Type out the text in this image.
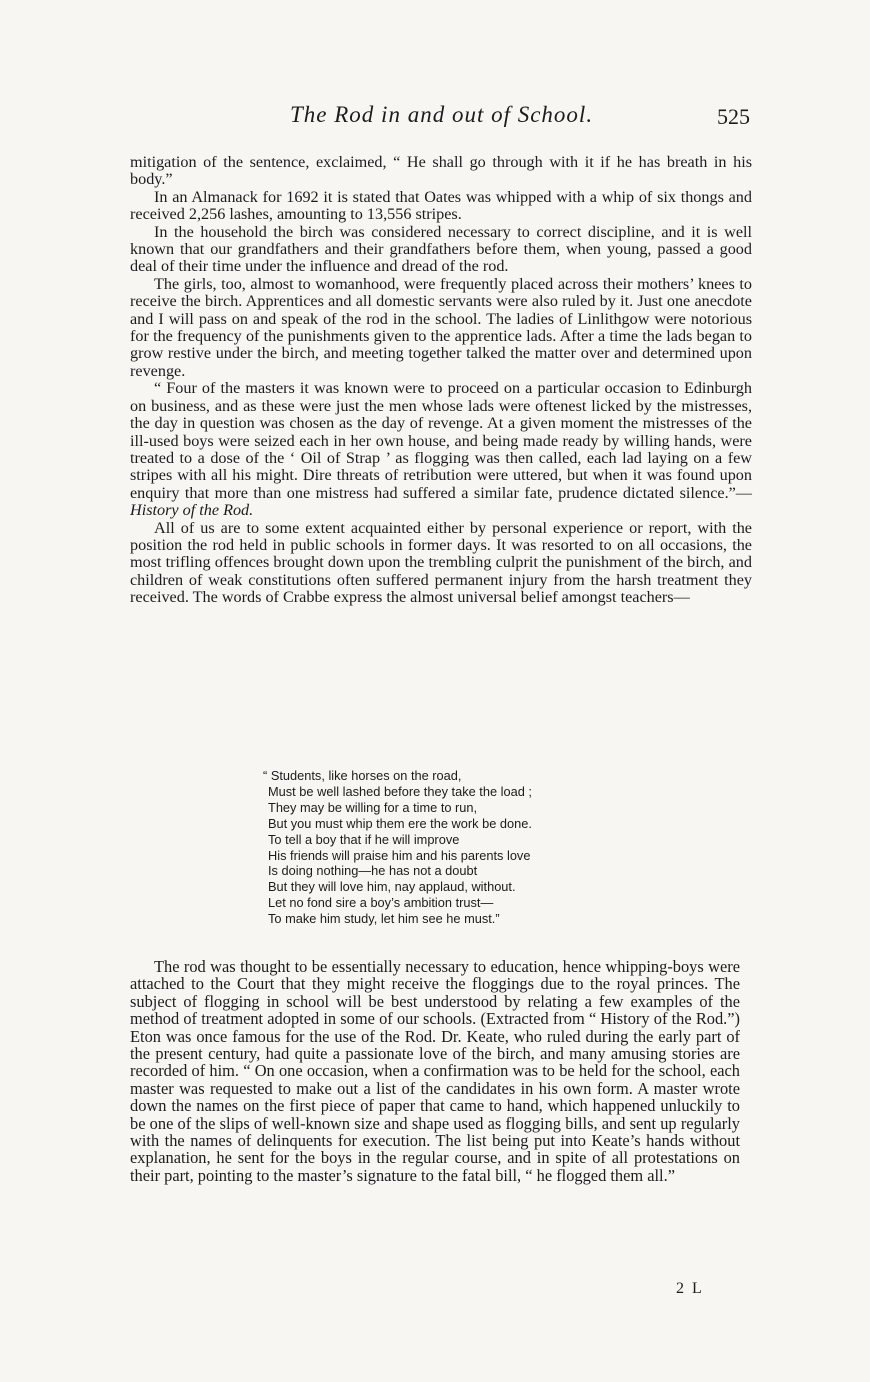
The Rod in and out of School.	525

mitigation of the sentence, exclaimed, “ He shall go through with it if he has breath in his body.”

In an Almanack for 1692 it is stated that Oates was whipped with a whip of six thongs and received 2,256 lashes, amounting to 13,556 stripes.

In the household the birch was considered necessary to correct discipline, and it is well known that our grandfathers and their grandfathers before them, when young, passed a good deal of their time under the influence and dread of the rod.

The girls, too, almost to womanhood, were frequently placed across their mothers’ knees to receive the birch. Apprentices and all domestic servants were also ruled by it. Just one anecdote and I will pass on and speak of the rod in the school. The ladies of Linlithgow were notorious for the frequency of the punishments given to the apprentice lads. After a time the lads began to grow restive under the birch, and meeting together talked the matter over and determined upon revenge.

“ Four of the masters it was known were to proceed on a particular occasion to Edinburgh on business, and as these were just the men whose lads were oftenest licked by the mistresses, the day in question was chosen as the day of revenge. At a given moment the mistresses of the ill-used boys were seized each in her own house, and being made ready by willing hands, were treated to a dose of the ‘ Oil of Strap ’ as flogging was then called, each lad laying on a few stripes with all his might. Dire threats of retribution were uttered, but when it was found upon enquiry that more than one mistress had suffered a similar fate, prudence dictated silence.”—History of the Rod.

All of us are to some extent acquainted either by personal experience or report, with the position the rod held in public schools in former days. It was resorted to on all occasions, the most trifling offences brought down upon the trembling culprit the punishment of the birch, and children of weak constitutions often suffered permanent injury from the harsh treatment they received. The words of Crabbe express the almost universal belief amongst teachers—

“ Students, like horses on the road,
Must be well lashed before they take the load ;
They may be willing for a time to run,
But you must whip them ere the work be done.
To tell a boy that if he will improve
His friends will praise him and his parents love
Is doing nothing—he has not a doubt
But they will love him, nay applaud, without.
Let no fond sire a boy’s ambition trust—
To make him study, let him see he must.”

The rod was thought to be essentially necessary to education, hence whipping-boys were attached to the Court that they might receive the floggings due to the royal princes. The subject of flogging in school will be best understood by relating a few examples of the method of treatment adopted in some of our schools. (Extracted from “ History of the Rod.”) Eton was once famous for the use of the Rod. Dr. Keate, who ruled during the early part of the present century, had quite a passionate love of the birch, and many amusing stories are recorded of him. “ On one occasion, when a confirmation was to be held for the school, each master was requested to make out a list of the candidates in his own form. A master wrote down the names on the first piece of paper that came to hand, which happened unluckily to be one of the slips of well-known size and shape used as flogging bills, and sent up regularly with the names of delinquents for execution. The list being put into Keate’s hands without explanation, he sent for the boys in the regular course, and in spite of all protestations on their part, pointing to the master’s signature to the fatal bill, “ he flogged them all.”

2 L
